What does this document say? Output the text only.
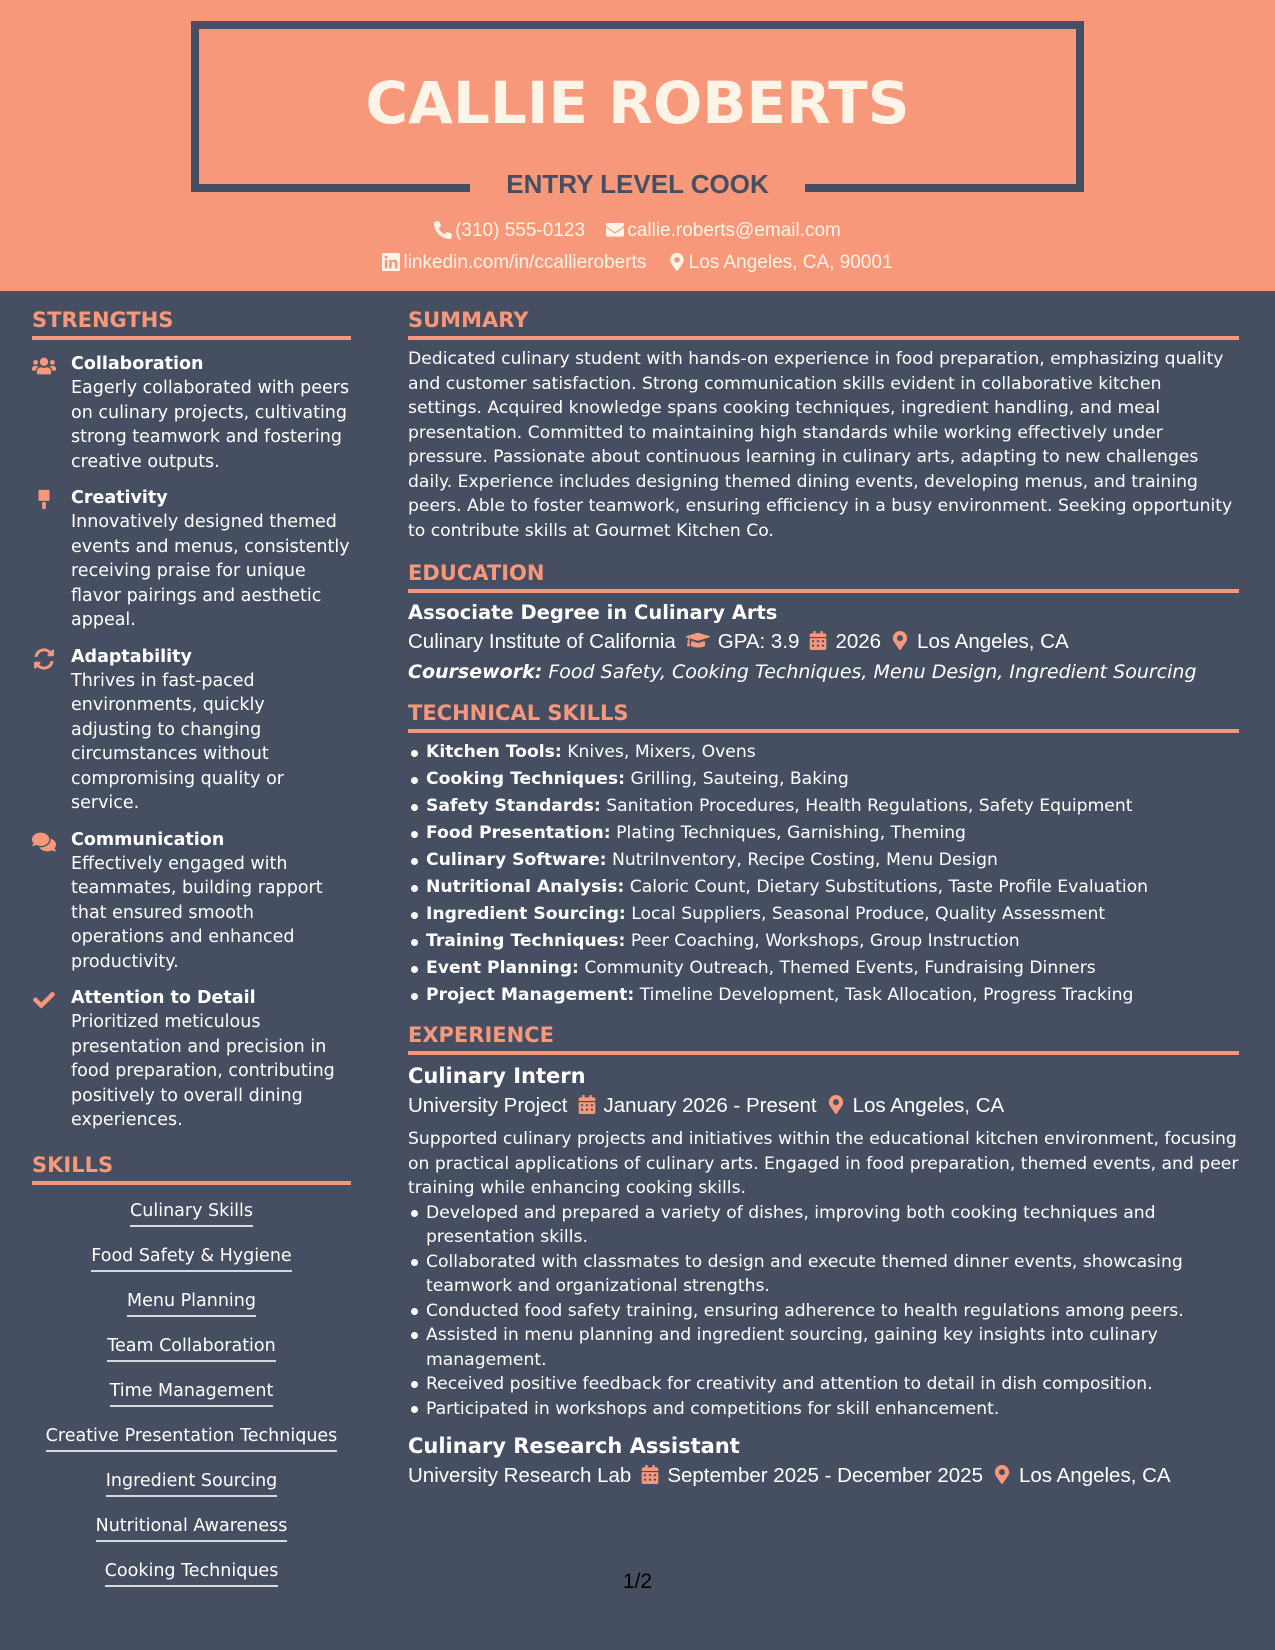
CALLIE ROBERTS
ENTRY LEVEL COOK
(310) 555-0123 callie.roberts@email.com
linkedin.com/in/ccallieroberts Los Angeles, CA, 90001
STRENGTHS
Collaboration
Eagerly collaborated with peers on culinary projects, cultivating strong teamwork and fostering creative outputs.
Creativity
Innovatively designed themed events and menus, consistently receiving praise for unique flavor pairings and aesthetic appeal.
Adaptability
Thrives in fast-paced environments, quickly adjusting to changing circumstances without compromising quality or service.
Communication
Effectively engaged with teammates, building rapport that ensured smooth operations and enhanced productivity.
Attention to Detail
Prioritized meticulous presentation and precision in food preparation, contributing positively to overall dining experiences.
SKILLS
Culinary Skills
Food Safety & Hygiene
Menu Planning
Team Collaboration
Time Management
Creative Presentation Techniques
Ingredient Sourcing
Nutritional Awareness
Cooking Techniques
SUMMARY
Dedicated culinary student with hands-on experience in food preparation, emphasizing quality and customer satisfaction. Strong communication skills evident in collaborative kitchen settings. Acquired knowledge spans cooking techniques, ingredient handling, and meal presentation. Committed to maintaining high standards while working effectively under pressure. Passionate about continuous learning in culinary arts, adapting to new challenges daily. Experience includes designing themed dining events, developing menus, and training peers. Able to foster teamwork, ensuring efficiency in a busy environment. Seeking opportunity to contribute skills at Gourmet Kitchen Co.
EDUCATION
Associate Degree in Culinary Arts
Culinary Institute of California GPA: 3.9 2026 Los Angeles, CA
Coursework: Food Safety, Cooking Techniques, Menu Design, Ingredient Sourcing
TECHNICAL SKILLS
Kitchen Tools: Knives, Mixers, Ovens
Cooking Techniques: Grilling, Sauteing, Baking
Safety Standards: Sanitation Procedures, Health Regulations, Safety Equipment
Food Presentation: Plating Techniques, Garnishing, Theming
Culinary Software: NutriInventory, Recipe Costing, Menu Design
Nutritional Analysis: Caloric Count, Dietary Substitutions, Taste Profile Evaluation
Ingredient Sourcing: Local Suppliers, Seasonal Produce, Quality Assessment
Training Techniques: Peer Coaching, Workshops, Group Instruction
Event Planning: Community Outreach, Themed Events, Fundraising Dinners
Project Management: Timeline Development, Task Allocation, Progress Tracking
EXPERIENCE
Culinary Intern
University Project January 2026 - Present Los Angeles, CA
Supported culinary projects and initiatives within the educational kitchen environment, focusing on practical applications of culinary arts. Engaged in food preparation, themed events, and peer training while enhancing cooking skills.
Developed and prepared a variety of dishes, improving both cooking techniques and presentation skills.
Collaborated with classmates to design and execute themed dinner events, showcasing teamwork and organizational strengths.
Conducted food safety training, ensuring adherence to health regulations among peers.
Assisted in menu planning and ingredient sourcing, gaining key insights into culinary management.
Received positive feedback for creativity and attention to detail in dish composition.
Participated in workshops and competitions for skill enhancement.
Culinary Research Assistant
University Research Lab September 2025 - December 2025 Los Angeles, CA
1/2
